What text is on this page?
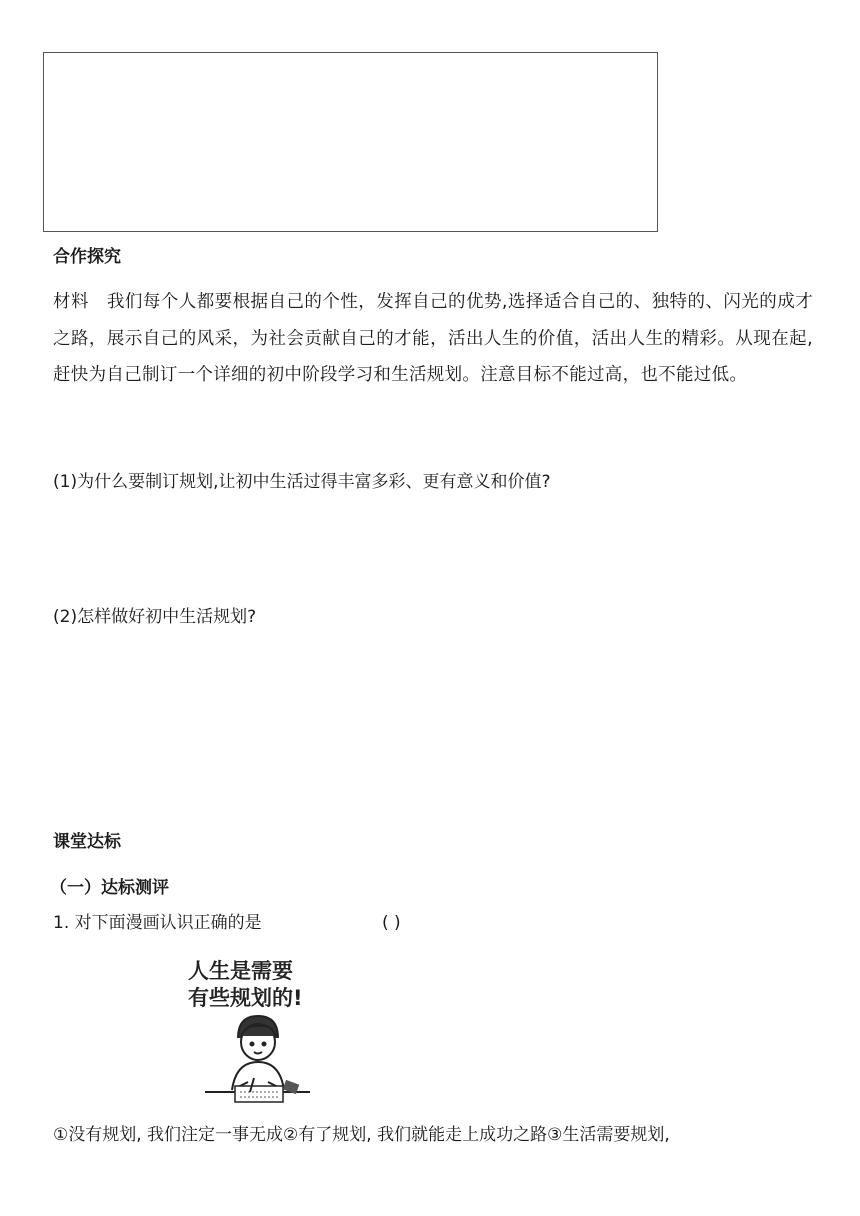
合作探究
材料 我们每个人都要根据自己的个性，发挥自己的优势,选择适合自己的、独特的、闪光的成才之路，展示自己的风采，为社会贡献自己的才能，活出人生的价值，活出人生的精彩。从现在起,赶快为自己制订一个详细的初中阶段学习和生活规划。注意目标不能过高，也不能过低。
(1)为什么要制订规划,让初中生活过得丰富多彩、更有意义和价值?
(2)怎样做好初中生活规划?
课堂达标
（一）达标测评
1. 对下面漫画认识正确的是	( )
人生是需要
有些规划的!
①没有规划, 我们注定一事无成②有了规划, 我们就能走上成功之路③生活需要规划,
